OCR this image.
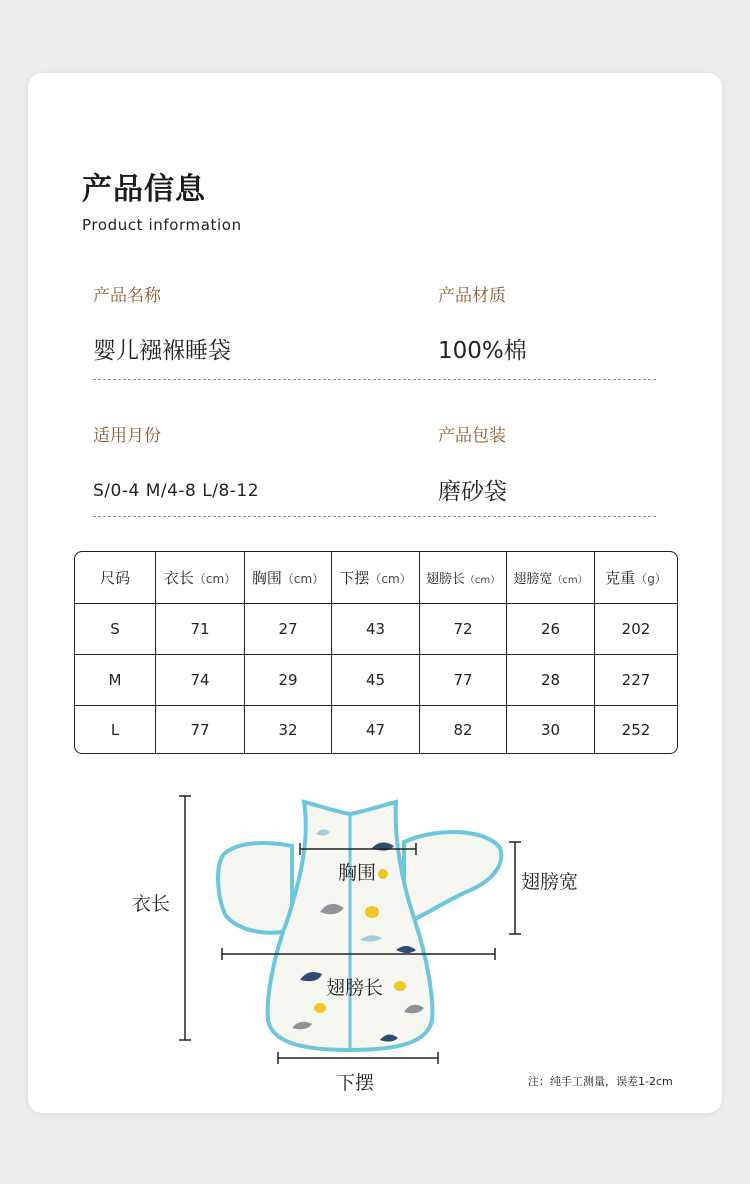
产品信息
Product information
产品名称
婴儿襁褓睡袋
产品材质
100%棉
适用月份
S/0-4 M/4-8 L/8-12
产品包装
磨砂袋
尺码	衣长（cm）	胸围（cm）	下摆（cm）	翅膀长（cm）	翅膀宽（cm）	克重（g）
S	71	27	43	72	26	202
M	74	29	45	77	28	227
L	77	32	47	82	30	252
衣长
胸围	翅膀宽
翅膀长
下摆	注：纯手工测量，误差1-2cm
